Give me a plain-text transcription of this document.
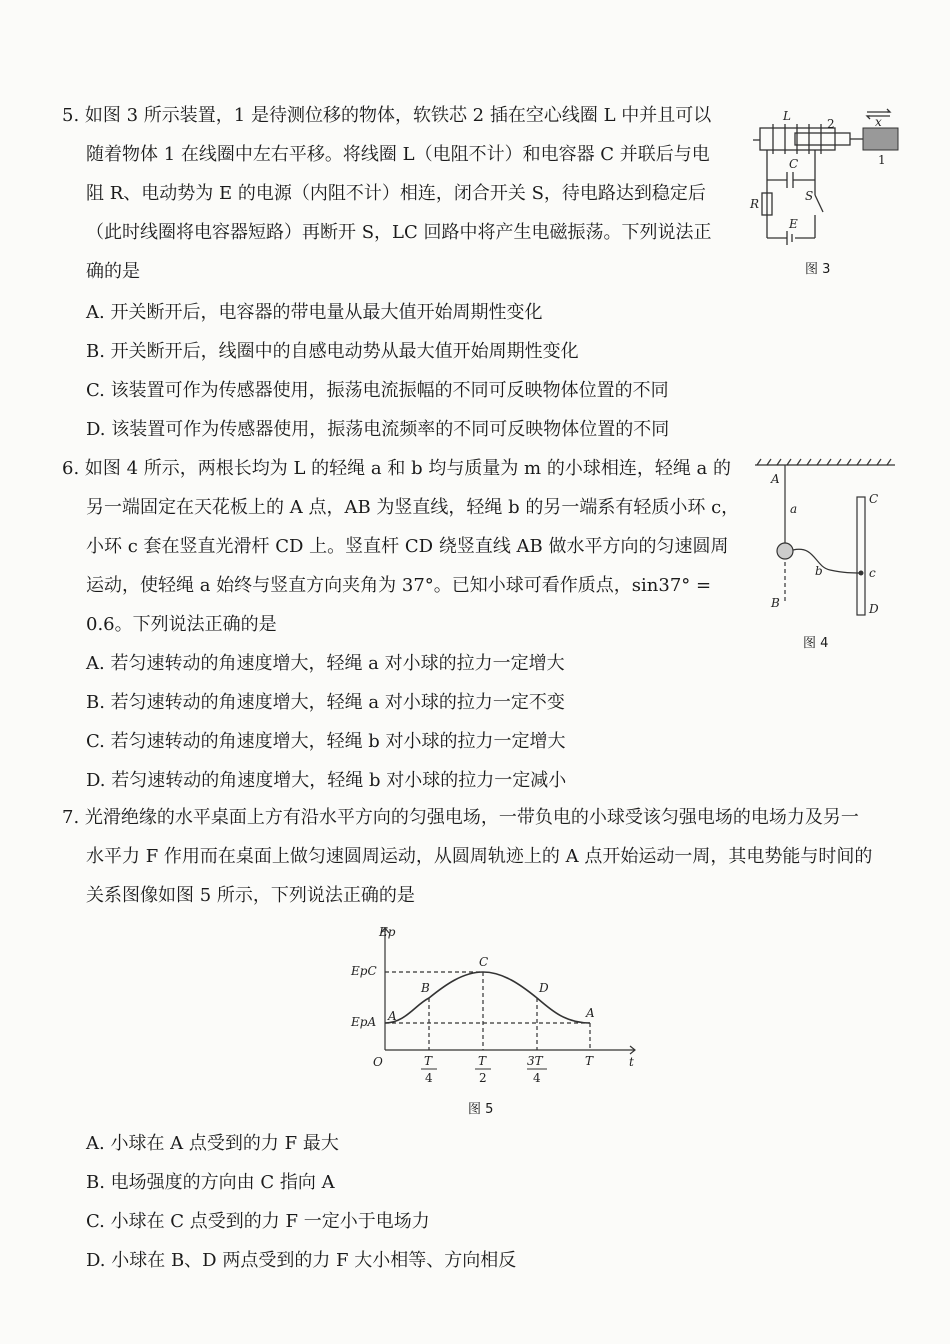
5. 如图 3 所示装置，1 是待测位移的物体，软铁芯 2 插在空心线圈 L 中并且可以
随着物体 1 在线圈中左右平移。将线圈 L（电阻不计）和电容器 C 并联后与电
阻 R、电动势为 E 的电源（内阻不计）相连，闭合开关 S，待电路达到稳定后
（此时线圈将电容器短路）再断开 S，LC 回路中将产生电磁振荡。下列说法正
确的是
A. 开关断开后，电容器的带电量从最大值开始周期性变化
B. 开关断开后，线圈中的自感电动势从最大值开始周期性变化
C. 该装置可作为传感器使用，振荡电流振幅的不同可反映物体位置的不同
D. 该装置可作为传感器使用，振荡电流频率的不同可反映物体位置的不同
L
2
1
C
R
S
E
x
图 3
6. 如图 4 所示，两根长均为 L 的轻绳 a 和 b 均与质量为 m 的小球相连，轻绳 a 的
另一端固定在天花板上的 A 点，AB 为竖直线，轻绳 b 的另一端系有轻质小环 c，
小环 c 套在竖直光滑杆 CD 上。竖直杆 CD 绕竖直线 AB 做水平方向的匀速圆周
运动，使轻绳 a 始终与竖直方向夹角为 37°。已知小球可看作质点，sin37° =
0.6。下列说法正确的是
A. 若匀速转动的角速度增大，轻绳 a 对小球的拉力一定增大
B. 若匀速转动的角速度增大，轻绳 a 对小球的拉力一定不变
C. 若匀速转动的角速度增大，轻绳 b 对小球的拉力一定增大
D. 若匀速转动的角速度增大，轻绳 b 对小球的拉力一定减小
A
a
B
b
C
c
D
图 4
7. 光滑绝缘的水平桌面上方有沿水平方向的匀强电场，一带负电的小球受该匀强电场的电场力及另一
水平力 F 作用而在桌面上做匀速圆周运动，从圆周轨迹上的 A 点开始运动一周，其电势能与时间的
关系图像如图 5 所示，下列说法正确的是
A. 小球在 A 点受到的力 F 最大
B. 电场强度的方向由 C 指向 A
C. 小球在 C 点受到的力 F 一定小于电场力
D. 小球在 B、D 两点受到的力 F 大小相等、方向相反
Ep
EpC
EpA
O	t
A
B
C
D
A
T
4
T
2
3T
4
T
图 5
